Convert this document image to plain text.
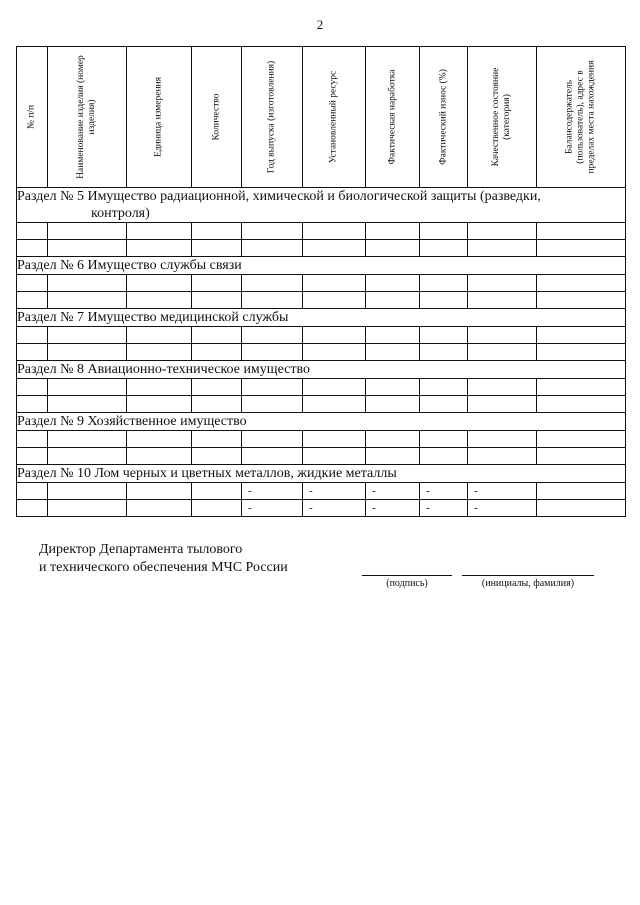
2
№ п/п	Наименование изделия (номер изделия)	Единица измерения	Количество	Год выпуска (изготовления)	Установленный ресурс	Фактическая наработка	Фактический износ (%)	Качественное состояние (категория)	Балансодержатель (пользователь), адрес в пределах места нахождения

Раздел № 5 Имущество радиационной, химической и биологической защиты (разведки,
контроля)									

Раздел № 6 Имущество службы связи									

Раздел № 7 Имущество медицинской службы									

Раздел № 8 Авиационно-техническое имущество									

Раздел № 9 Хозяйственное имущество									

Раздел № 10 Лом черных и цветных металлов, жидкие металлы									
				-	-	-	-	-	
				-	-	-	-	-	
Директор Департамента тылового
и технического обеспечения МЧС России
(подпись)	(инициалы, фамилия)
